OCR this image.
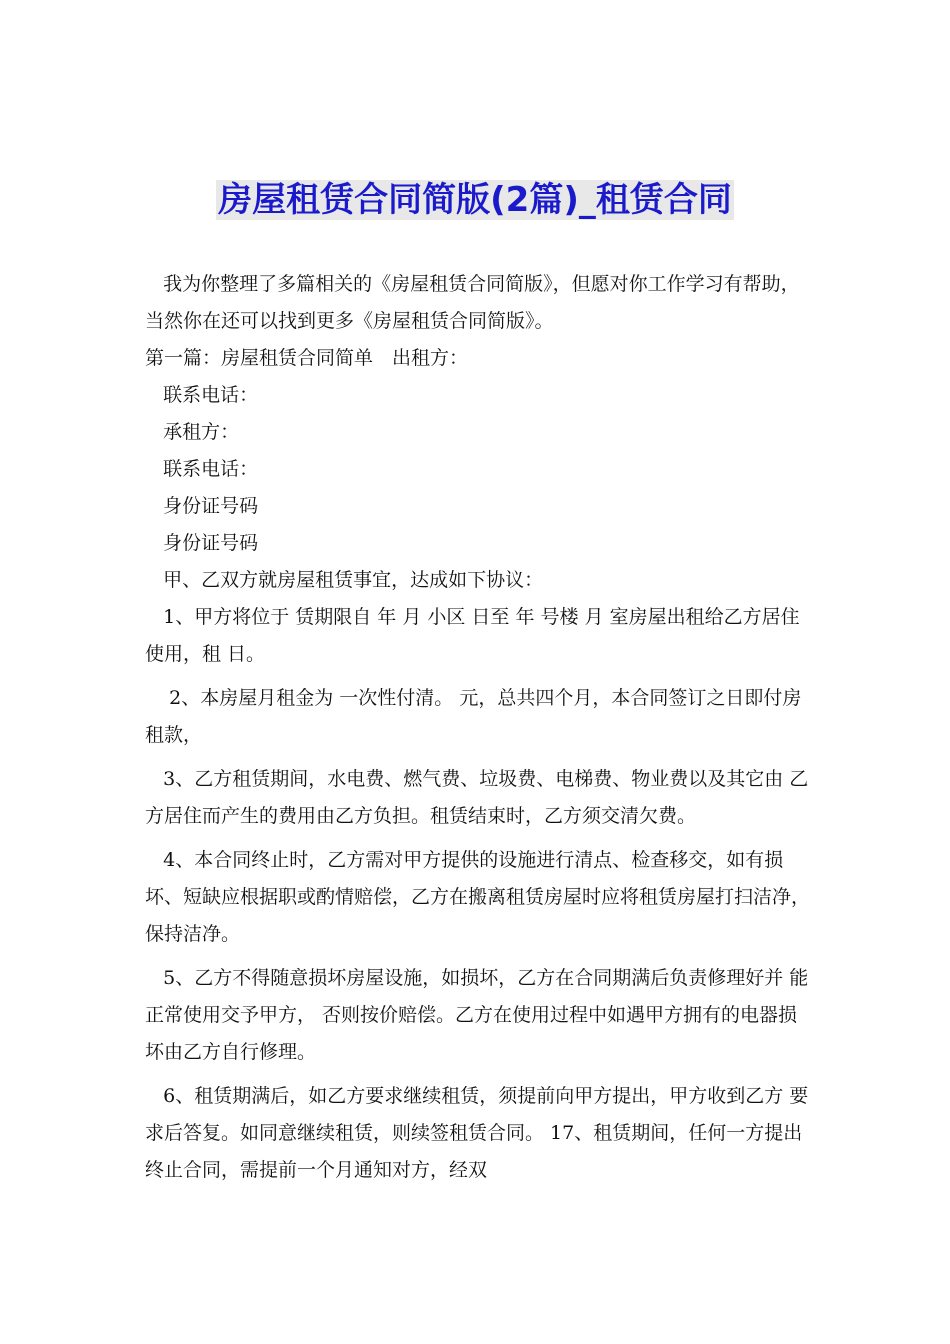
房屋租赁合同简版(2篇)_租赁合同

我为你整理了多篇相关的《房屋租赁合同简版》，但愿对你工作学习有帮助，当然你在还可以找到更多《房屋租赁合同简版》。

第一篇：房屋租赁合同简单　出租方：

联系电话：

承租方：

联系电话：

身份证号码

身份证号码

甲、乙双方就房屋租赁事宜，达成如下协议：

1、甲方将位于 赁期限自 年 月 小区 日至 年 号楼 月 室房屋出租给乙方居住使用，租 日。

2、本房屋月租金为 一次性付清。 元，总共四个月，本合同签订之日即付房租款，

3、乙方租赁期间，水电费、燃气费、垃圾费、电梯费、物业费以及其它由 乙方居住而产生的费用由乙方负担。租赁结束时，乙方须交清欠费。

4、本合同终止时，乙方需对甲方提供的设施进行清点、检查移交，如有损 坏、短缺应根据职或酌情赔偿，乙方在搬离租赁房屋时应将租赁房屋打扫洁净， 保持洁净。

5、乙方不得随意损坏房屋设施，如损坏，乙方在合同期满后负责修理好并 能正常使用交予甲方， 否则按价赔偿。乙方在使用过程中如遇甲方拥有的电器损 坏由乙方自行修理。

6、租赁期满后，如乙方要求继续租赁，须提前向甲方提出，甲方收到乙方 要求后答复。如同意继续租赁，则续签租赁合同。 17、租赁期间，任何一方提出终止合同，需提前一个月通知对方，经双
